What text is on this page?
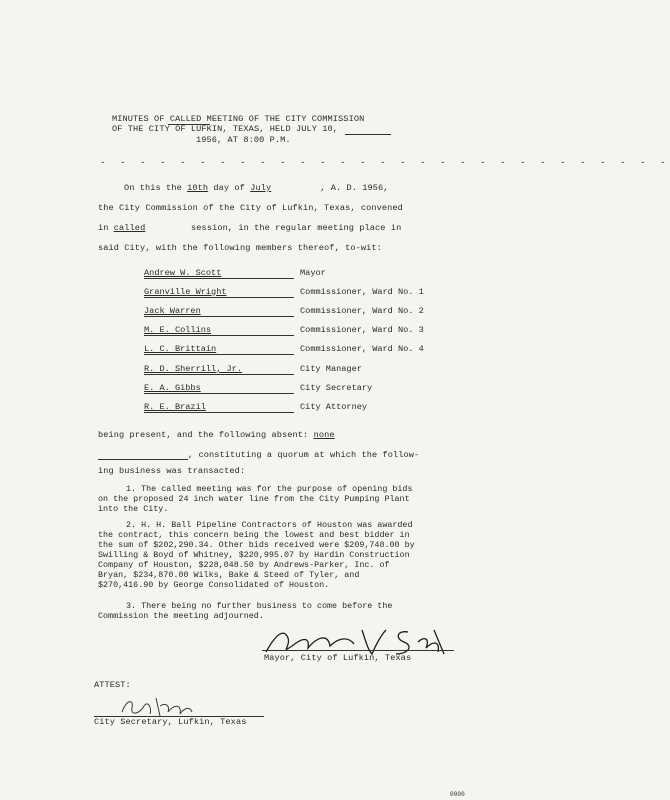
MINUTES OF CALLED MEETING OF THE CITY COMMISSION
OF THE CITY OF LUFKIN, TEXAS, HELD JULY 10,
1956, AT 8:00 P.M.
- - - - - - - - - - - - - - - - - - - - - - - - - - - - -
On this the 10th day of July	, A. D. 1956,
the City Commission of the City of Lufkin, Texas, convened
in called	session, in the regular meeting place in
said City, with the following members thereof, to-wit:
Andrew W. Scott	Mayor
Granville Wright	Commissioner, Ward No. 1
Jack Warren	Commissioner, Ward No. 2
M. E. Collins	Commissioner, Ward No. 3
L. C. Brittain	Commissioner, Ward No. 4
R. D. Sherrill, Jr.	City Manager
E. A. Gibbs	City Secretary
R. E. Brazil	City Attorney
being present, and the following absent: none
, constituting a quorum at which the follow-
ing business was transacted:
1. The called meeting was for the purpose of opening bids on the proposed 24 inch water line from the City Pumping Plant into the City.
2. H. H. Ball Pipeline Contractors of Houston was awarded the contract, this concern being the lowest and best bidder in the sum of $202,290.34. Other bids received were $209,748.00 by Swilling & Boyd of Whitney, $220,995.07 by Hardin Construction Company of Houston, $228,048.50 by Andrews-Parker, Inc. of Bryan, $234,870.00 Wilks, Bake & Steed of Tyler, and $270,416.90 by George Consolidated of Houston.
3. There being no further business to come before the Commission the meeting adjourned.
Mayor, City of Lufkin, Texas
ATTEST:
City Secretary, Lufkin, Texas
0000
